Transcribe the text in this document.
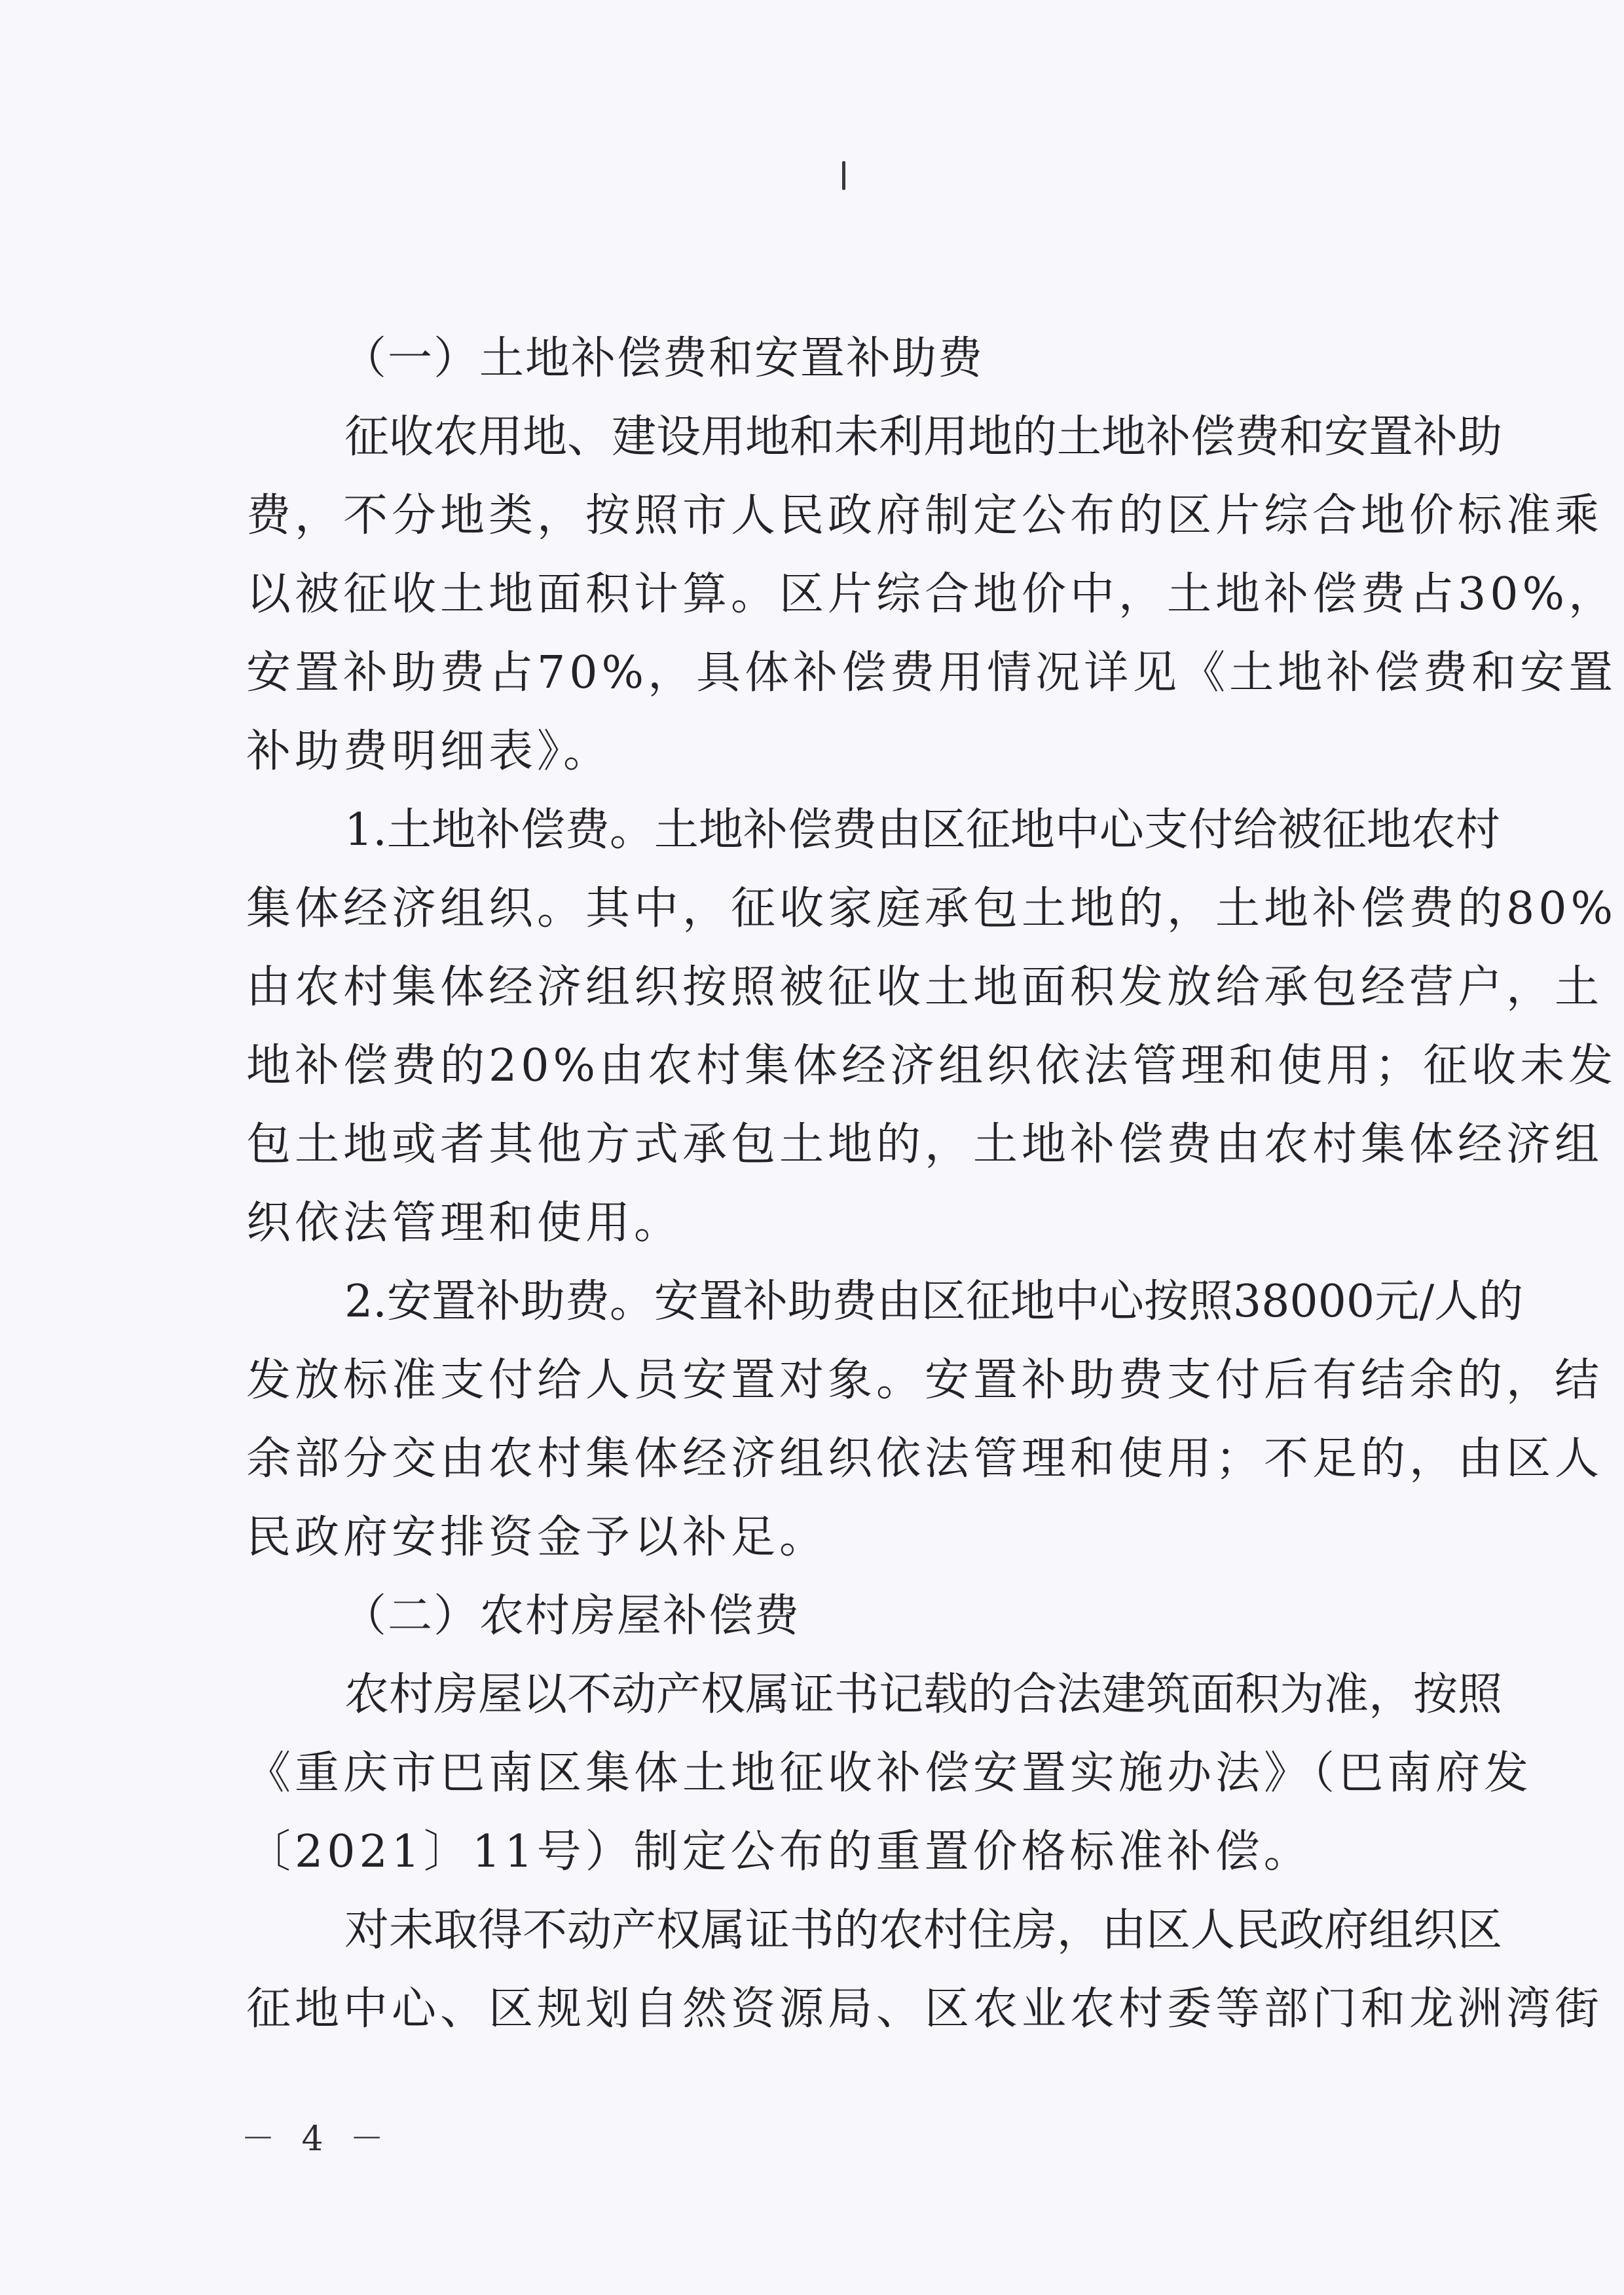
（一）土地补偿费和安置补助费
征收农用地、建设用地和未利用地的土地补偿费和安置补助
费，不分地类，按照市人民政府制定公布的区片综合地价标准乘
以被征收土地面积计算。区片综合地价中，土地补偿费占30%，
安置补助费占70%，具体补偿费用情况详见《土地补偿费和安置
补助费明细表》。
1.土地补偿费。土地补偿费由区征地中心支付给被征地农村
集体经济组织。其中，征收家庭承包土地的，土地补偿费的80%
由农村集体经济组织按照被征收土地面积发放给承包经营户，土
地补偿费的20%由农村集体经济组织依法管理和使用；征收未发
包土地或者其他方式承包土地的，土地补偿费由农村集体经济组
织依法管理和使用。
2.安置补助费。安置补助费由区征地中心按照38000元/人的
发放标准支付给人员安置对象。安置补助费支付后有结余的，结
余部分交由农村集体经济组织依法管理和使用；不足的，由区人
民政府安排资金予以补足。
（二）农村房屋补偿费
农村房屋以不动产权属证书记载的合法建筑面积为准，按照
《重庆市巴南区集体土地征收补偿安置实施办法》（巴南府发
〔2021〕11号）制定公布的重置价格标准补偿。
对未取得不动产权属证书的农村住房，由区人民政府组织区
征地中心、区规划自然资源局、区农业农村委等部门和龙洲湾街
－ 4 －
